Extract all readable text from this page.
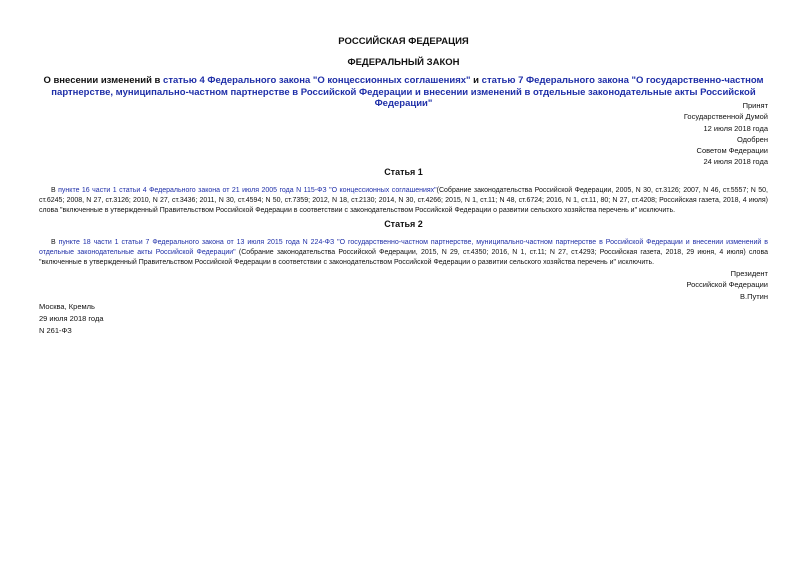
РОССИЙСКАЯ ФЕДЕРАЦИЯ
ФЕДЕРАЛЬНЫЙ ЗАКОН
О внесении изменений в статью 4 Федерального закона "О концессионных соглашениях" и статью 7 Федерального закона "О государственно-частном партнерстве, муниципально-частном партнерстве в Российской Федерации и внесении изменений в отдельные законодательные акты Российской Федерации"	Принят
Государственной Думой
12 июля 2018 года
Одобрен
Советом Федерации
24 июля 2018 года
Статья 1
В пункте 16 части 1 статьи 4 Федерального закона от 21 июля 2005 года N 115-ФЗ "О концессионных соглашениях"(Собрание законодательства Российской Федерации, 2005, N 30, ст.3126; 2007, N 46, ст.5557; N 50, ст.6245; 2008, N 27, ст.3126; 2010, N 27, ст.3436; 2011, N 30, ст.4594; N 50, ст.7359; 2012, N 18, ст.2130; 2014, N 30, ст.4266; 2015, N 1, ст.11; N 48, ст.6724; 2016, N 1, ст.11, 80; N 27, ст.4208; Российская газета, 2018, 4 июля) слова "включенные в утвержденный Правительством Российской Федерации в соответствии с законодательством Российской Федерации о развитии сельского хозяйства перечень и" исключить.
Статья 2
В пункте 18 части 1 статьи 7 Федерального закона от 13 июля 2015 года N 224-ФЗ "О государственно-частном партнерстве, муниципально-частном партнерстве в Российской Федерации и внесении изменений в отдельные законодательные акты Российской Федерации" (Собрание законодательства Российской Федерации, 2015, N 29, ст.4350; 2016, N 1, ст.11; N 27, ст.4293; Российская газета, 2018, 29 июня, 4 июля) слова "включенные в утвержденный Правительством Российской Федерации в соответствии с законодательством Российской Федерации о развитии сельского хозяйства перечень и" исключить.
Президент
Российской Федерации
В.Путин
Москва, Кремль
29 июля 2018 года
N 261-ФЗ
